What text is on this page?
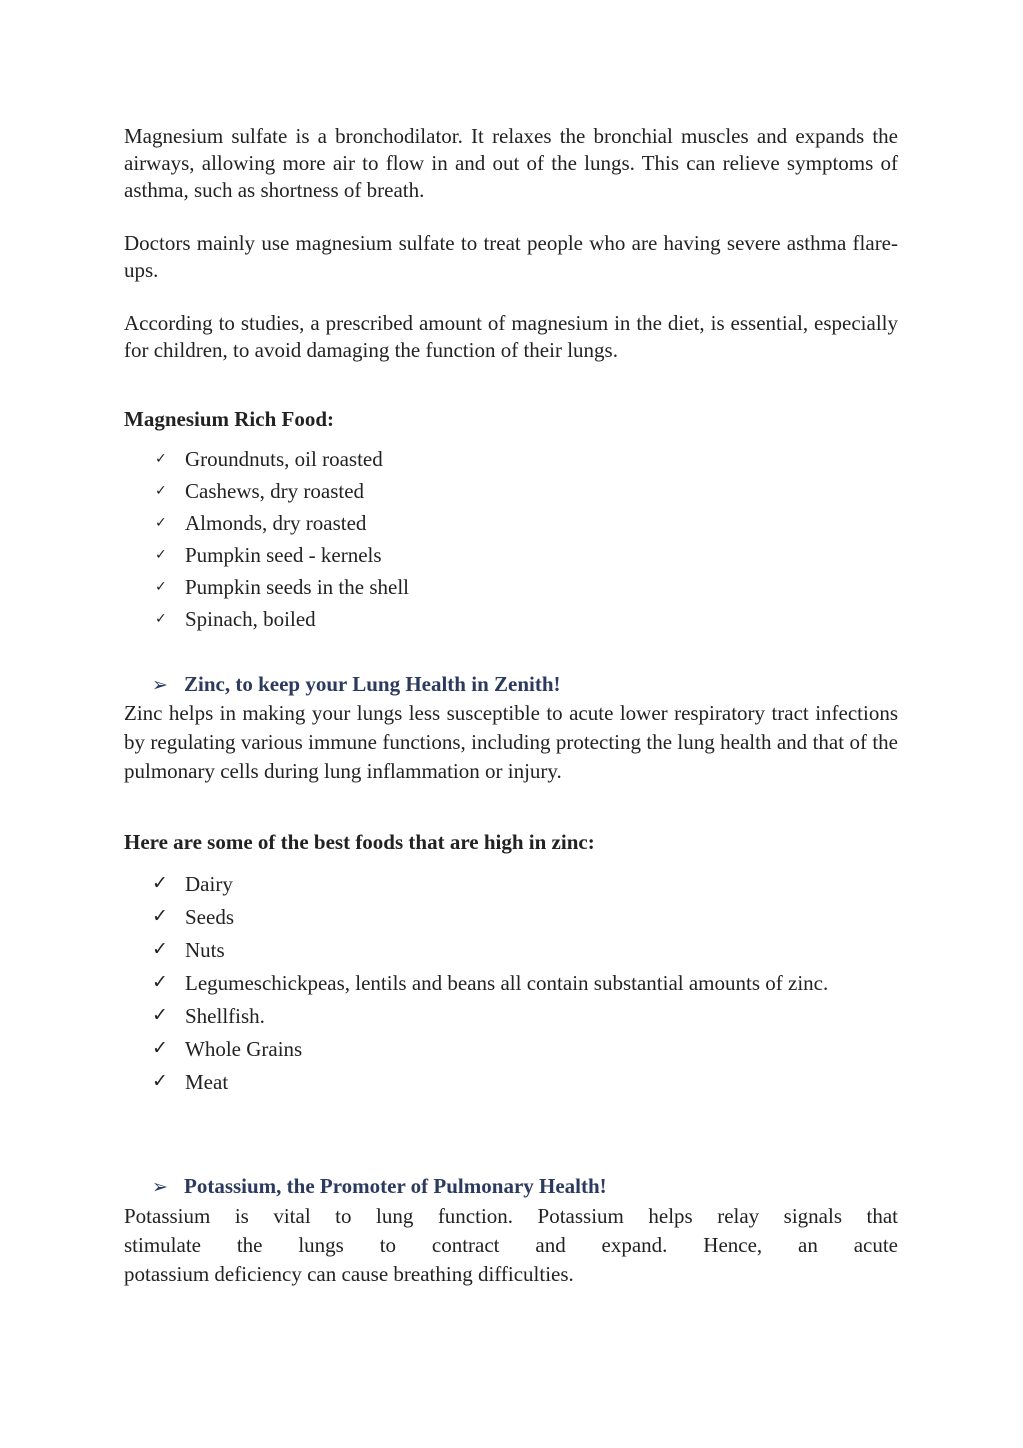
Magnesium sulfate is a bronchodilator. It relaxes the bronchial muscles and expands the airways, allowing more air to flow in and out of the lungs. This can relieve symptoms of asthma, such as shortness of breath.

Doctors mainly use magnesium sulfate to treat people who are having severe asthma flare-ups.

According to studies, a prescribed amount of magnesium in the diet, is essential, especially for children, to avoid damaging the function of their lungs.

Magnesium Rich Food:

✓ Groundnuts, oil roasted
✓ Cashews, dry roasted
✓ Almonds, dry roasted
✓ Pumpkin seed - kernels
✓ Pumpkin seeds in the shell
✓ Spinach, boiled

➢ Zinc, to keep your Lung Health in Zenith!

Zinc helps in making your lungs less susceptible to acute lower respiratory tract infections by regulating various immune functions, including protecting the lung health and that of the pulmonary cells during lung inflammation or injury.

Here are some of the best foods that are high in zinc:

✓ Dairy
✓ Seeds
✓ Nuts
✓ Legumeschickpeas, lentils and beans all contain substantial amounts of zinc.
✓ Shellfish.
✓ Whole Grains
✓ Meat

➢ Potassium, the Promoter of Pulmonary Health!

Potassium is vital to lung function. Potassium helps relay signals that

stimulate the lungs to contract and expand. Hence, an acute

potassium deficiency can cause breathing difficulties.
